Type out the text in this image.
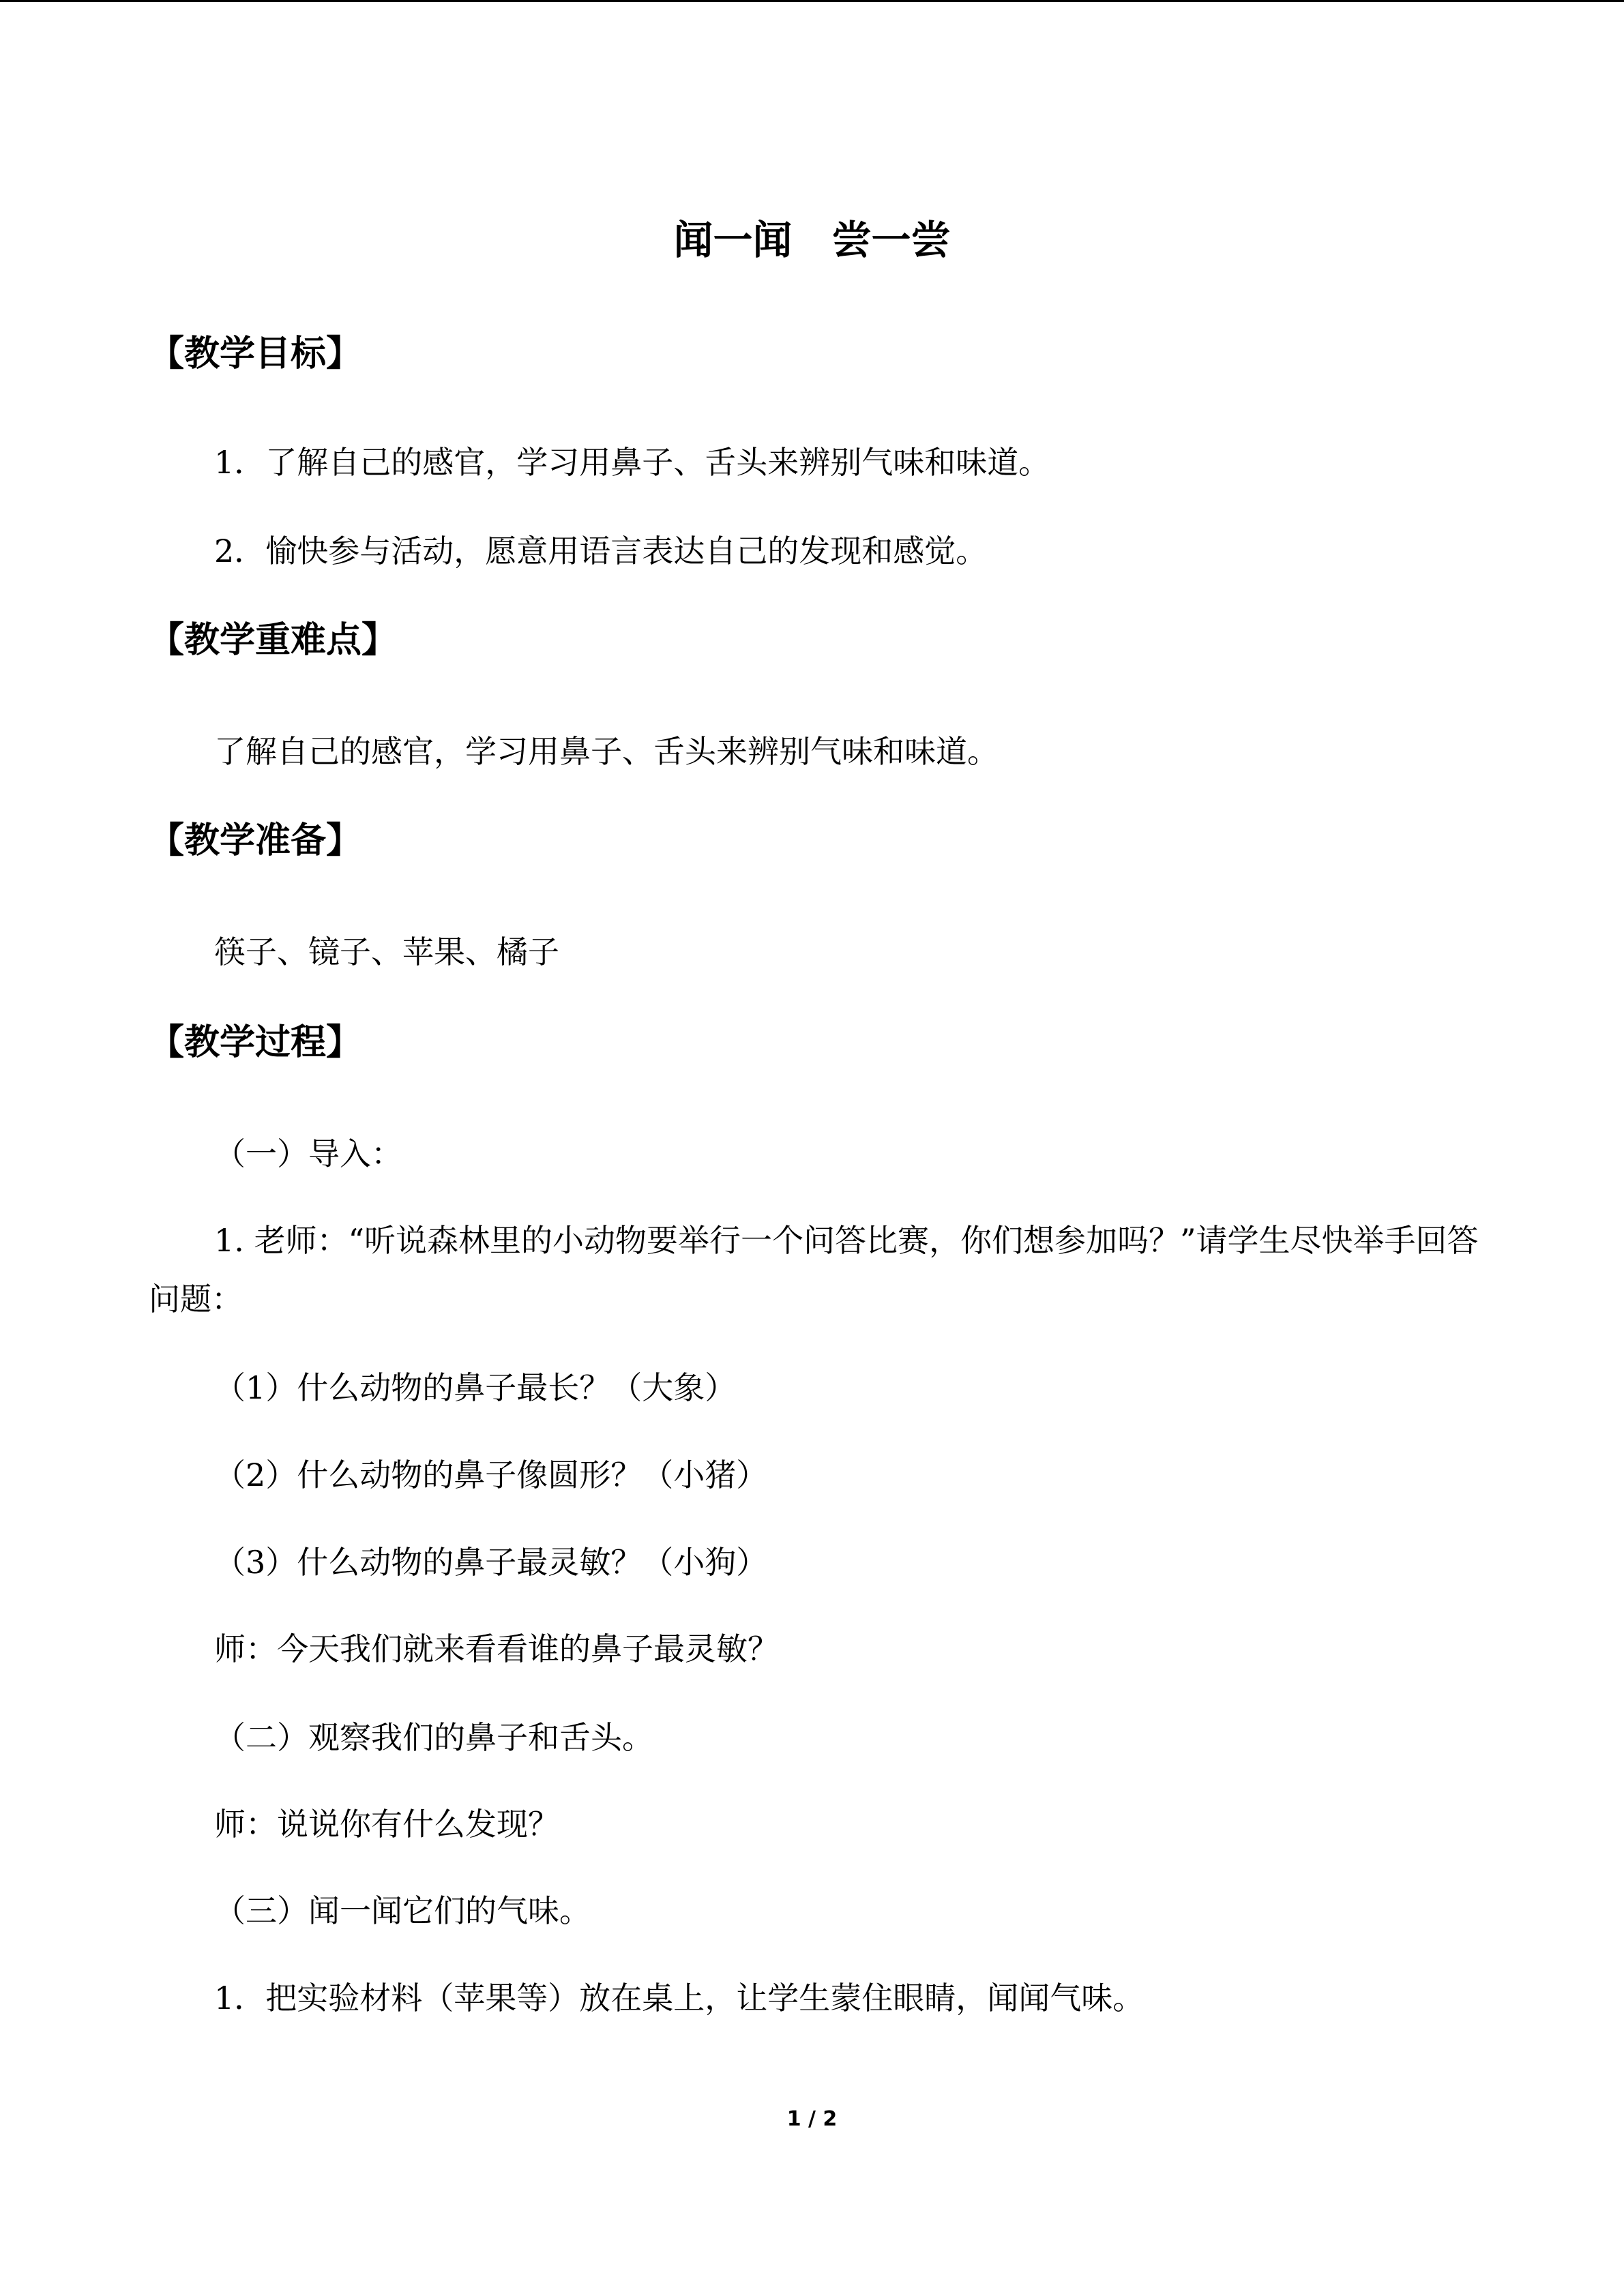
闻一闻　尝一尝
【教学目标】
1．了解自己的感官，学习用鼻子、舌头来辨别气味和味道。
2．愉快参与活动，愿意用语言表达自己的发现和感觉。
【教学重难点】
了解自己的感官，学习用鼻子、舌头来辨别气味和味道。
【教学准备】
筷子、镜子、苹果、橘子
【教学过程】
（一）导入：
1. 老师：“听说森林里的小动物要举行一个问答比赛，你们想参加吗？”请学生尽快举手回答问题：
（1）什么动物的鼻子最长？（大象）
（2）什么动物的鼻子像圆形？（小猪）
（3）什么动物的鼻子最灵敏？（小狗）
师：今天我们就来看看谁的鼻子最灵敏？
（二）观察我们的鼻子和舌头。
师：说说你有什么发现？
（三）闻一闻它们的气味。
1．把实验材料（苹果等）放在桌上，让学生蒙住眼睛，闻闻气味。
1 / 2
